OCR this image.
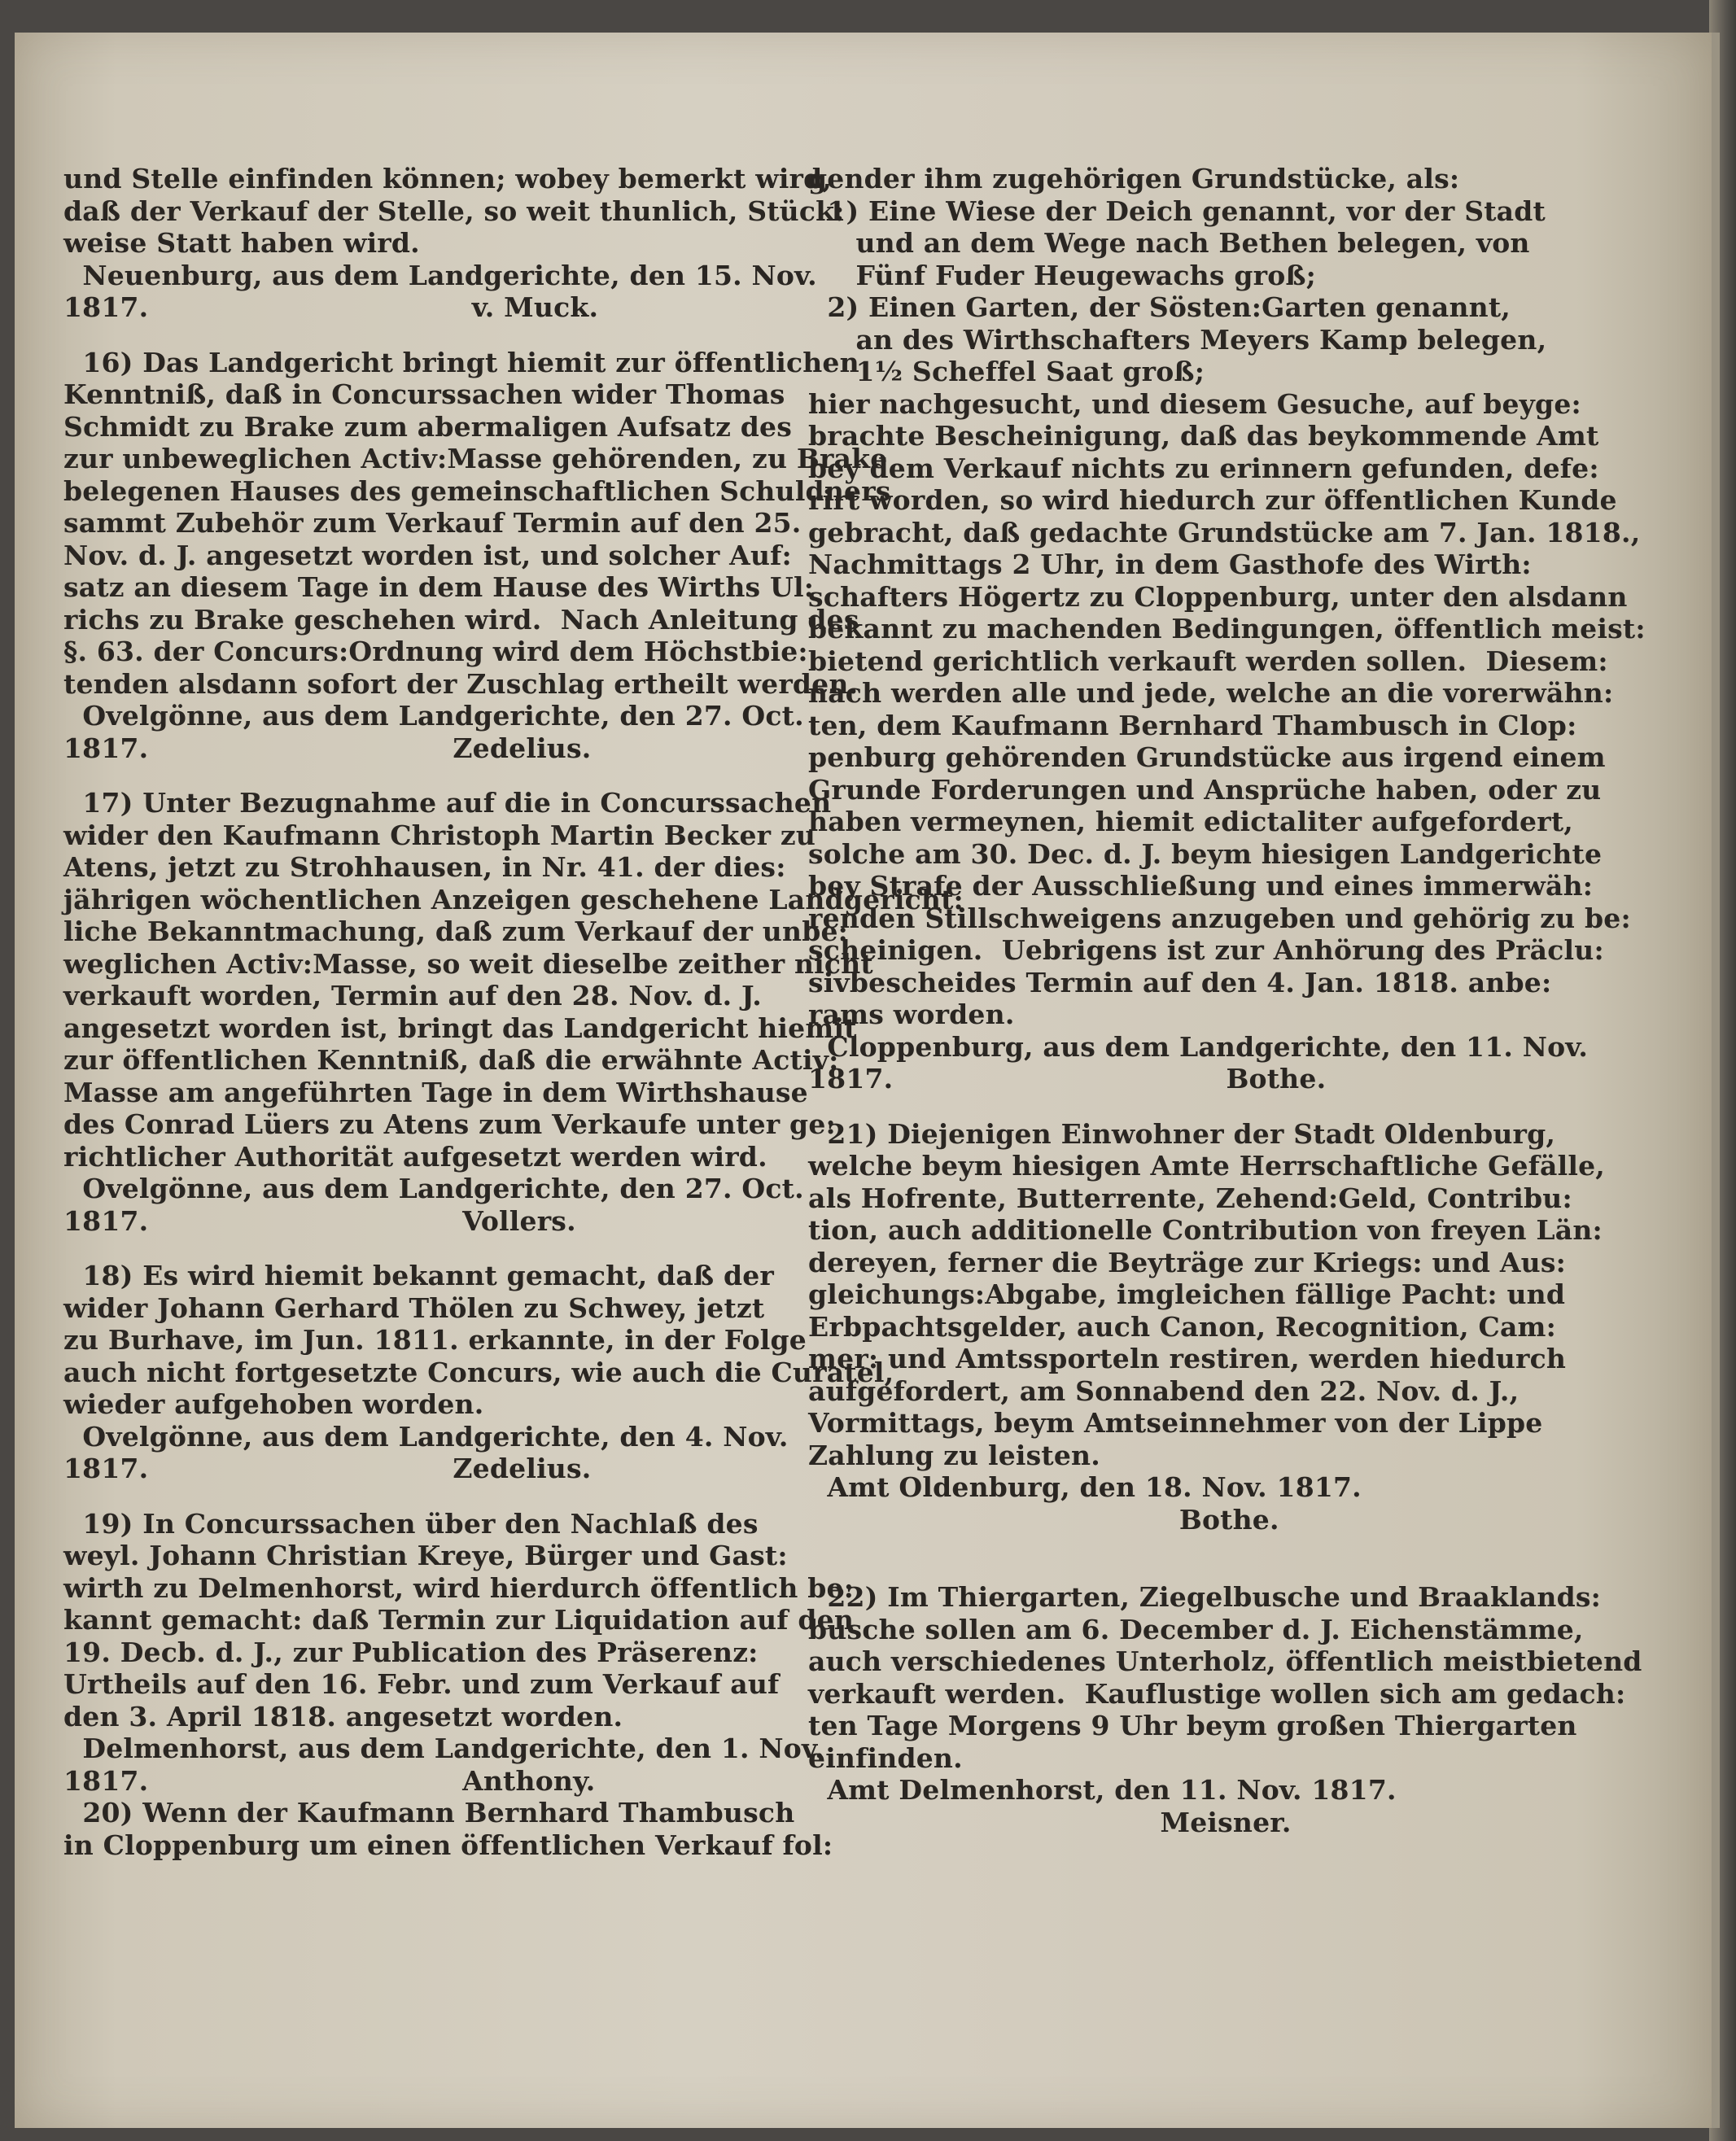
und Stelle einfinden können; wobey bemerkt wird,
daß der Verkauf der Stelle, so weit thunlich, Stück:
weise Statt haben wird.
Neuenburg, aus dem Landgerichte, den 15. Nov.
1817.                                  v. Muck.
16) Das Landgericht bringt hiemit zur öffentlichen
Kenntniß, daß in Concurssachen wider Thomas
Schmidt zu Brake zum abermaligen Aufsatz des
zur unbeweglichen Activ:Masse gehörenden, zu Brake
belegenen Hauses des gemeinschaftlichen Schuldners
sammt Zubehör zum Verkauf Termin auf den 25.
Nov. d. J. angesetzt worden ist, und solcher Auf:
satz an diesem Tage in dem Hause des Wirths Ul:
richs zu Brake geschehen wird.  Nach Anleitung des
§. 63. der Concurs:Ordnung wird dem Höchstbie:
tenden alsdann sofort der Zuschlag ertheilt werden.
Ovelgönne, aus dem Landgerichte, den 27. Oct.
1817.                                Zedelius.
17) Unter Bezugnahme auf die in Concurssachen
wider den Kaufmann Christoph Martin Becker zu
Atens, jetzt zu Strohhausen, in Nr. 41. der dies:
jährigen wöchentlichen Anzeigen geschehene Landgericht:
liche Bekanntmachung, daß zum Verkauf der unbe:
weglichen Activ:Masse, so weit dieselbe zeither nicht
verkauft worden, Termin auf den 28. Nov. d. J.
angesetzt worden ist, bringt das Landgericht hiemit
zur öffentlichen Kenntniß, daß die erwähnte Activ:
Masse am angeführten Tage in dem Wirthshause
des Conrad Lüers zu Atens zum Verkaufe unter ge:
richtlicher Authorität aufgesetzt werden wird.
Ovelgönne, aus dem Landgerichte, den 27. Oct.
1817.                                 Vollers.
18) Es wird hiemit bekannt gemacht, daß der
wider Johann Gerhard Thölen zu Schwey, jetzt
zu Burhave, im Jun. 1811. erkannte, in der Folge
auch nicht fortgesetzte Concurs, wie auch die Curatel,
wieder aufgehoben worden.
Ovelgönne, aus dem Landgerichte, den 4. Nov.
1817.                                Zedelius.
19) In Concurssachen über den Nachlaß des
weyl. Johann Christian Kreye, Bürger und Gast:
wirth zu Delmenhorst, wird hierdurch öffentlich be:
kannt gemacht: daß Termin zur Liquidation auf den
19. Decb. d. J., zur Publication des Präserenz:
Urtheils auf den 16. Febr. und zum Verkauf auf
den 3. April 1818. angesetzt worden.
Delmenhorst, aus dem Landgerichte, den 1. Nov.
1817.                                 Anthony.
20) Wenn der Kaufmann Bernhard Thambusch
in Cloppenburg um einen öffentlichen Verkauf fol:
gender ihm zugehörigen Grundstücke, als:
1) Eine Wiese der Deich genannt, vor der Stadt
und an dem Wege nach Bethen belegen, von
Fünf Fuder Heugewachs groß;
2) Einen Garten, der Sösten:Garten genannt,
an des Wirthschafters Meyers Kamp belegen,
1½ Scheffel Saat groß;
hier nachgesucht, und diesem Gesuche, auf beyge:
brachte Bescheinigung, daß das beykommende Amt
bey dem Verkauf nichts zu erinnern gefunden, defe:
rirt worden, so wird hiedurch zur öffentlichen Kunde
gebracht, daß gedachte Grundstücke am 7. Jan. 1818.,
Nachmittags 2 Uhr, in dem Gasthofe des Wirth:
schafters Högertz zu Cloppenburg, unter den alsdann
bekannt zu machenden Bedingungen, öffentlich meist:
bietend gerichtlich verkauft werden sollen.  Diesem:
nach werden alle und jede, welche an die vorerwähn:
ten, dem Kaufmann Bernhard Thambusch in Clop:
penburg gehörenden Grundstücke aus irgend einem
Grunde Forderungen und Ansprüche haben, oder zu
haben vermeynen, hiemit edictaliter aufgefordert,
solche am 30. Dec. d. J. beym hiesigen Landgerichte
bey Strafe der Ausschließung und eines immerwäh:
renden Stillschweigens anzugeben und gehörig zu be:
scheinigen.  Uebrigens ist zur Anhörung des Präclu:
sivbescheides Termin auf den 4. Jan. 1818. anbe:
rams worden.
Cloppenburg, aus dem Landgerichte, den 11. Nov.
1817.                                   Bothe.
21) Diejenigen Einwohner der Stadt Oldenburg,
welche beym hiesigen Amte Herrschaftliche Gefälle,
als Hofrente, Butterrente, Zehend:Geld, Contribu:
tion, auch additionelle Contribution von freyen Län:
dereyen, ferner die Beyträge zur Kriegs: und Aus:
gleichungs:Abgabe, imgleichen fällige Pacht: und
Erbpachtsgelder, auch Canon, Recognition, Cam:
mer: und Amtssporteln restiren, werden hiedurch
aufgefordert, am Sonnabend den 22. Nov. d. J.,
Vormittags, beym Amtseinnehmer von der Lippe
Zahlung zu leisten.
Amt Oldenburg, den 18. Nov. 1817.
Bothe.
22) Im Thiergarten, Ziegelbusche und Braaklands:
busche sollen am 6. December d. J. Eichenstämme,
auch verschiedenes Unterholz, öffentlich meistbietend
verkauft werden.  Kauflustige wollen sich am gedach:
ten Tage Morgens 9 Uhr beym großen Thiergarten
einfinden.
Amt Delmenhorst, den 11. Nov. 1817.
Meisner.
